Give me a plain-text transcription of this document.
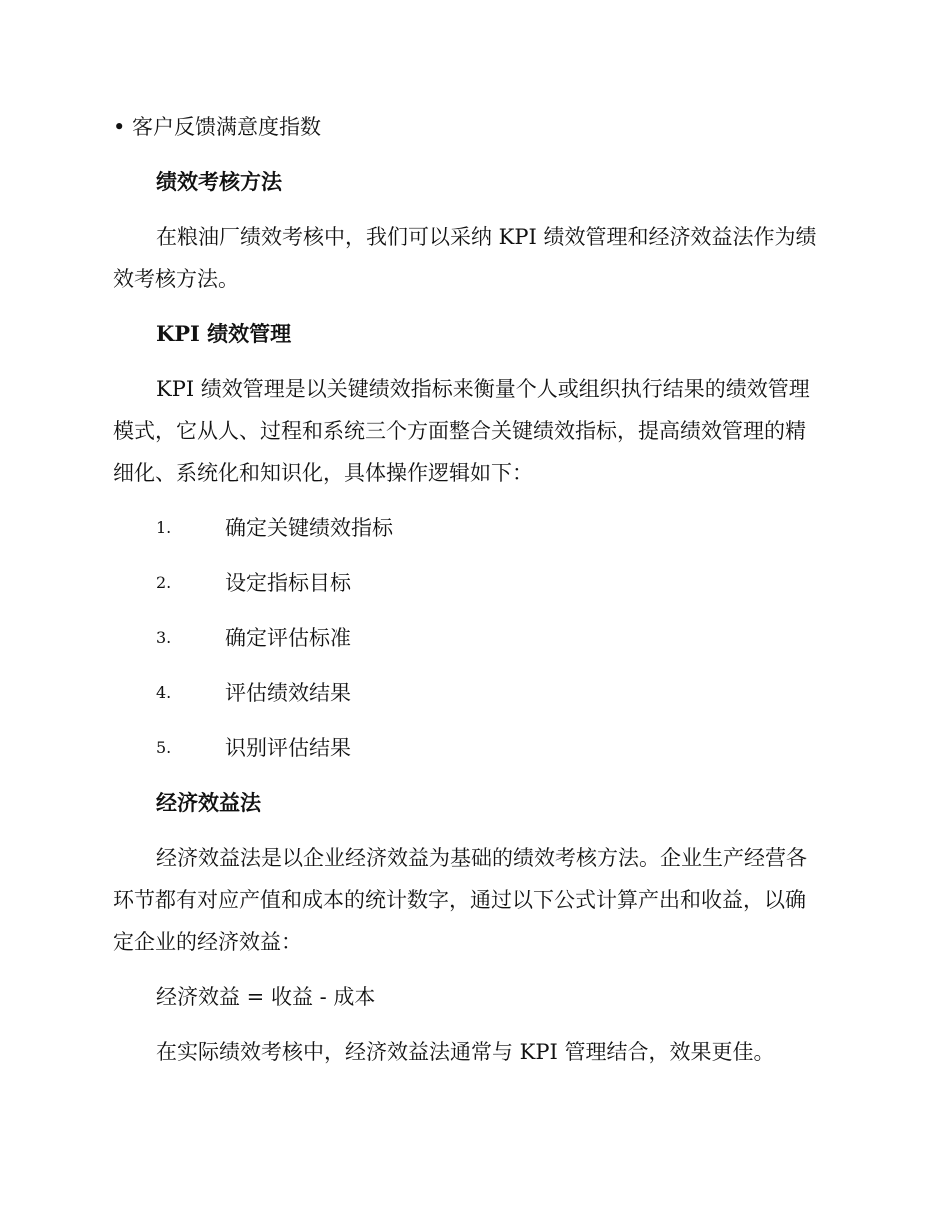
• 客户反馈满意度指数
绩效考核方法
在粮油厂绩效考核中，我们可以采纳 KPI 绩效管理和经济效益法作为绩
效考核方法。
KPI 绩效管理
KPI 绩效管理是以关键绩效指标来衡量个人或组织执行结果的绩效管理
模式，它从人、过程和系统三个方面整合关键绩效指标，提高绩效管理的精
细化、系统化和知识化，具体操作逻辑如下：
1.	确定关键绩效指标
2.	设定指标目标
3.	确定评估标准
4.	评估绩效结果
5.	识别评估结果
经济效益法
经济效益法是以企业经济效益为基础的绩效考核方法。企业生产经营各
环节都有对应产值和成本的统计数字，通过以下公式计算产出和收益，以确
定企业的经济效益：
经济效益 = 收益 - 成本
在实际绩效考核中，经济效益法通常与 KPI 管理结合，效果更佳。
